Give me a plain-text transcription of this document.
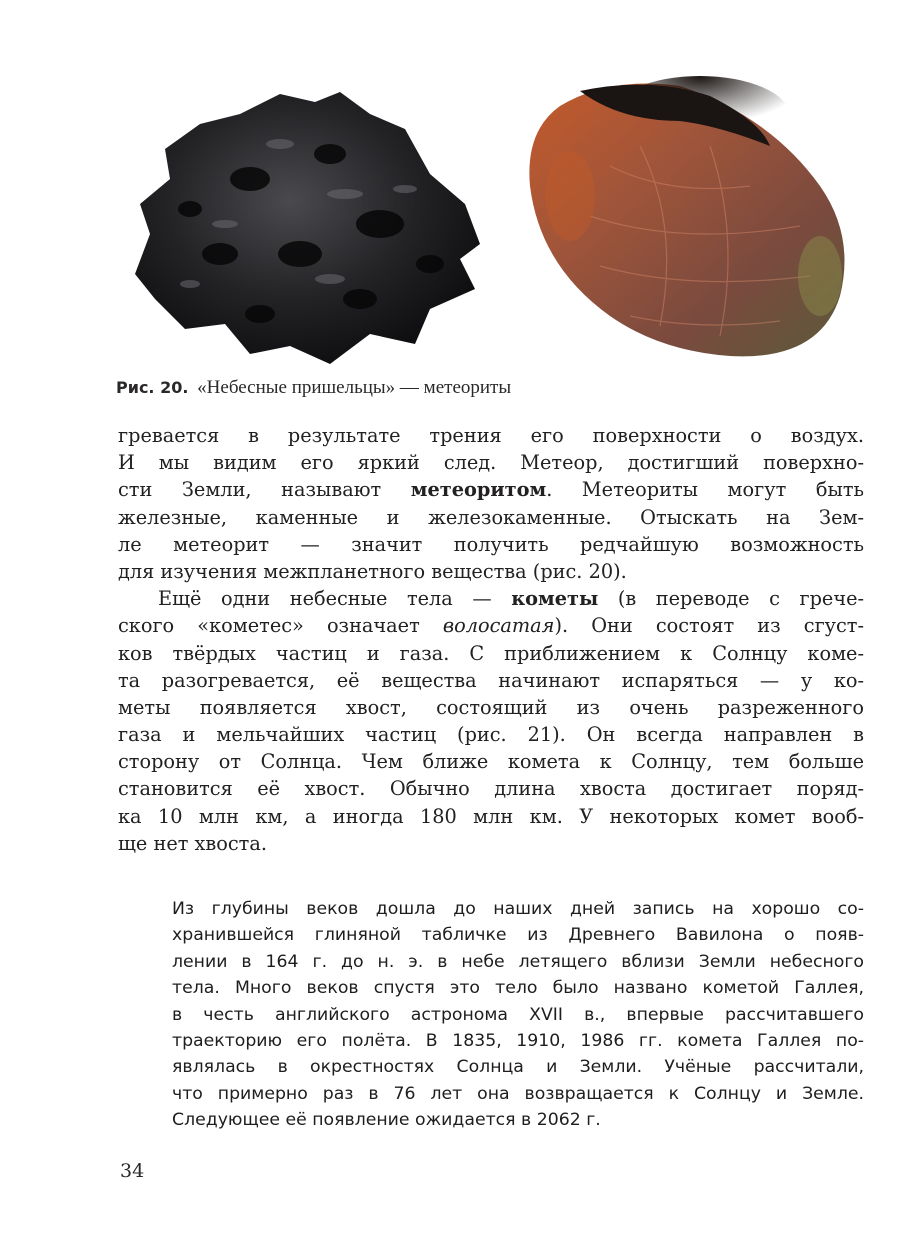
Рис. 20. «Небесные пришельцы» — метеориты
гревается в результате трения его поверхности о воздух.
И мы видим его яркий след. Метеор, достигший поверхно-
сти Земли, называют метеоритом. Метеориты могут быть
железные, каменные и железокаменные. Отыскать на Зем-
ле метеорит — значит получить редчайшую возможность
для изучения межпланетного вещества (рис. 20).
Ещё одни небесные тела — кометы (в переводе с грече-
ского «кометес» означает волосатая). Они состоят из сгуст-
ков твёрдых частиц и газа. С приближением к Солнцу коме-
та разогревается, её вещества начинают испаряться — у ко-
меты появляется хвост, состоящий из очень разреженного
газа и мельчайших частиц (рис. 21). Он всегда направлен в
сторону от Солнца. Чем ближе комета к Солнцу, тем больше
становится её хвост. Обычно длина хвоста достигает поряд-
ка 10 млн км, а иногда 180 млн км. У некоторых комет вооб-
ще нет хвоста.
Из глубины веков дошла до наших дней запись на хорошо со-
хранившейся глиняной табличке из Древнего Вавилона о появ-
лении в 164 г. до н. э. в небе летящего вблизи Земли небесного
тела. Много веков спустя это тело было названо кометой Галлея,
в честь английского астронома XVII в., впервые рассчитавшего
траекторию его полёта. В 1835, 1910, 1986 гг. комета Галлея по-
являлась в окрестностях Солнца и Земли. Учёные рассчитали,
что примерно раз в 76 лет она возвращается к Солнцу и Земле.
Следующее её появление ожидается в 2062 г.
34
